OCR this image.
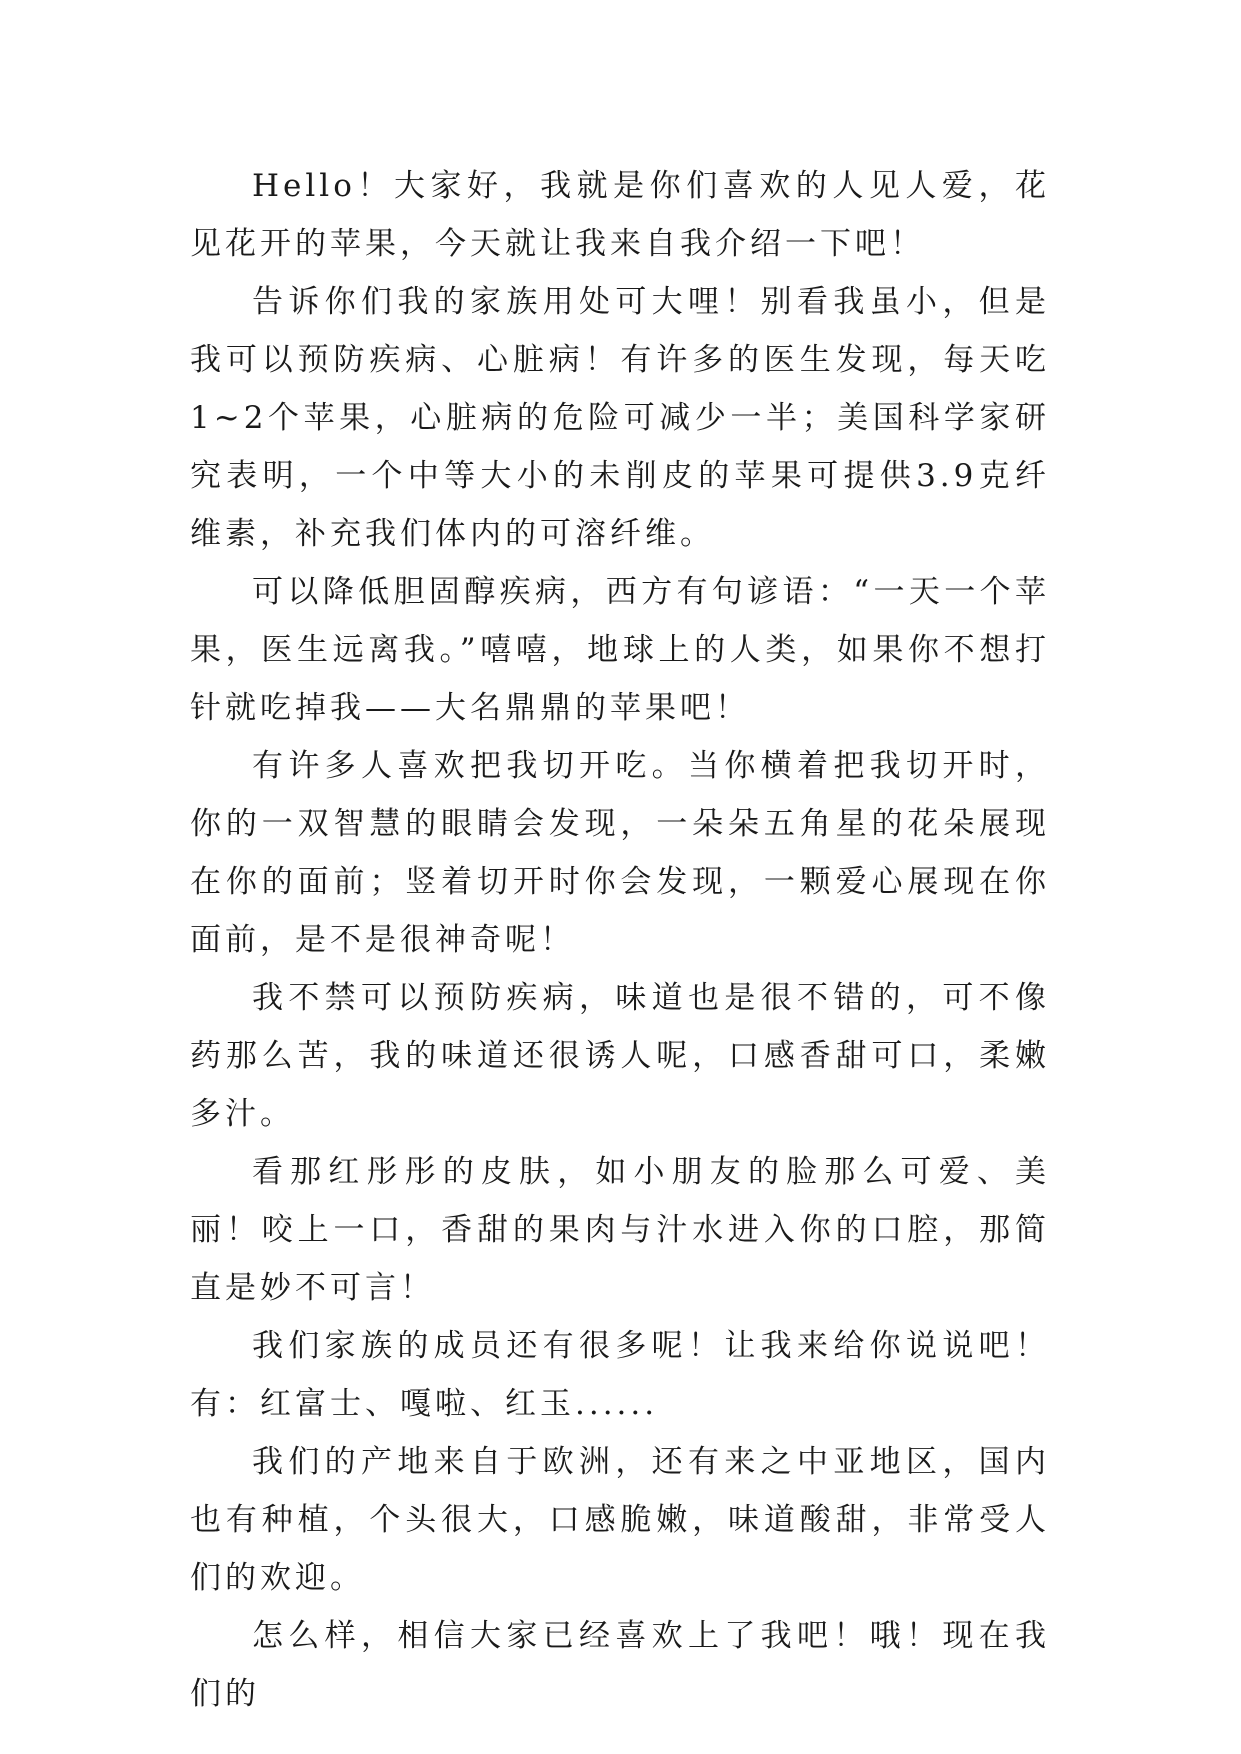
Hello！大家好，我就是你们喜欢的人见人爱，花见花开的苹果，今天就让我来自我介绍一下吧！

告诉你们我的家族用处可大哩！别看我虽小，但是我可以预防疾病、心脏病！有许多的医生发现，每天吃1~2个苹果，心脏病的危险可减少一半；美国科学家研究表明，一个中等大小的未削皮的苹果可提供3.9克纤维素，补充我们体内的可溶纤维。

可以降低胆固醇疾病，西方有句谚语：“一天一个苹果，医生远离我。”嘻嘻，地球上的人类，如果你不想打针就吃掉我——大名鼎鼎的苹果吧！

有许多人喜欢把我切开吃。当你横着把我切开时，你的一双智慧的眼睛会发现，一朵朵五角星的花朵展现在你的面前；竖着切开时你会发现，一颗爱心展现在你面前，是不是很神奇呢！

我不禁可以预防疾病，味道也是很不错的，可不像药那么苦，我的味道还很诱人呢，口感香甜可口，柔嫩多汁。

看那红彤彤的皮肤，如小朋友的脸那么可爱、美丽！咬上一口，香甜的果肉与汁水进入你的口腔，那简直是妙不可言！

我们家族的成员还有很多呢！让我来给你说说吧！有：红富士、嘎啦、红玉......

我们的产地来自于欧洲，还有来之中亚地区，国内也有种植，个头很大，口感脆嫩，味道酸甜，非常受人们的欢迎。

怎么样，相信大家已经喜欢上了我吧！哦！现在我们的
